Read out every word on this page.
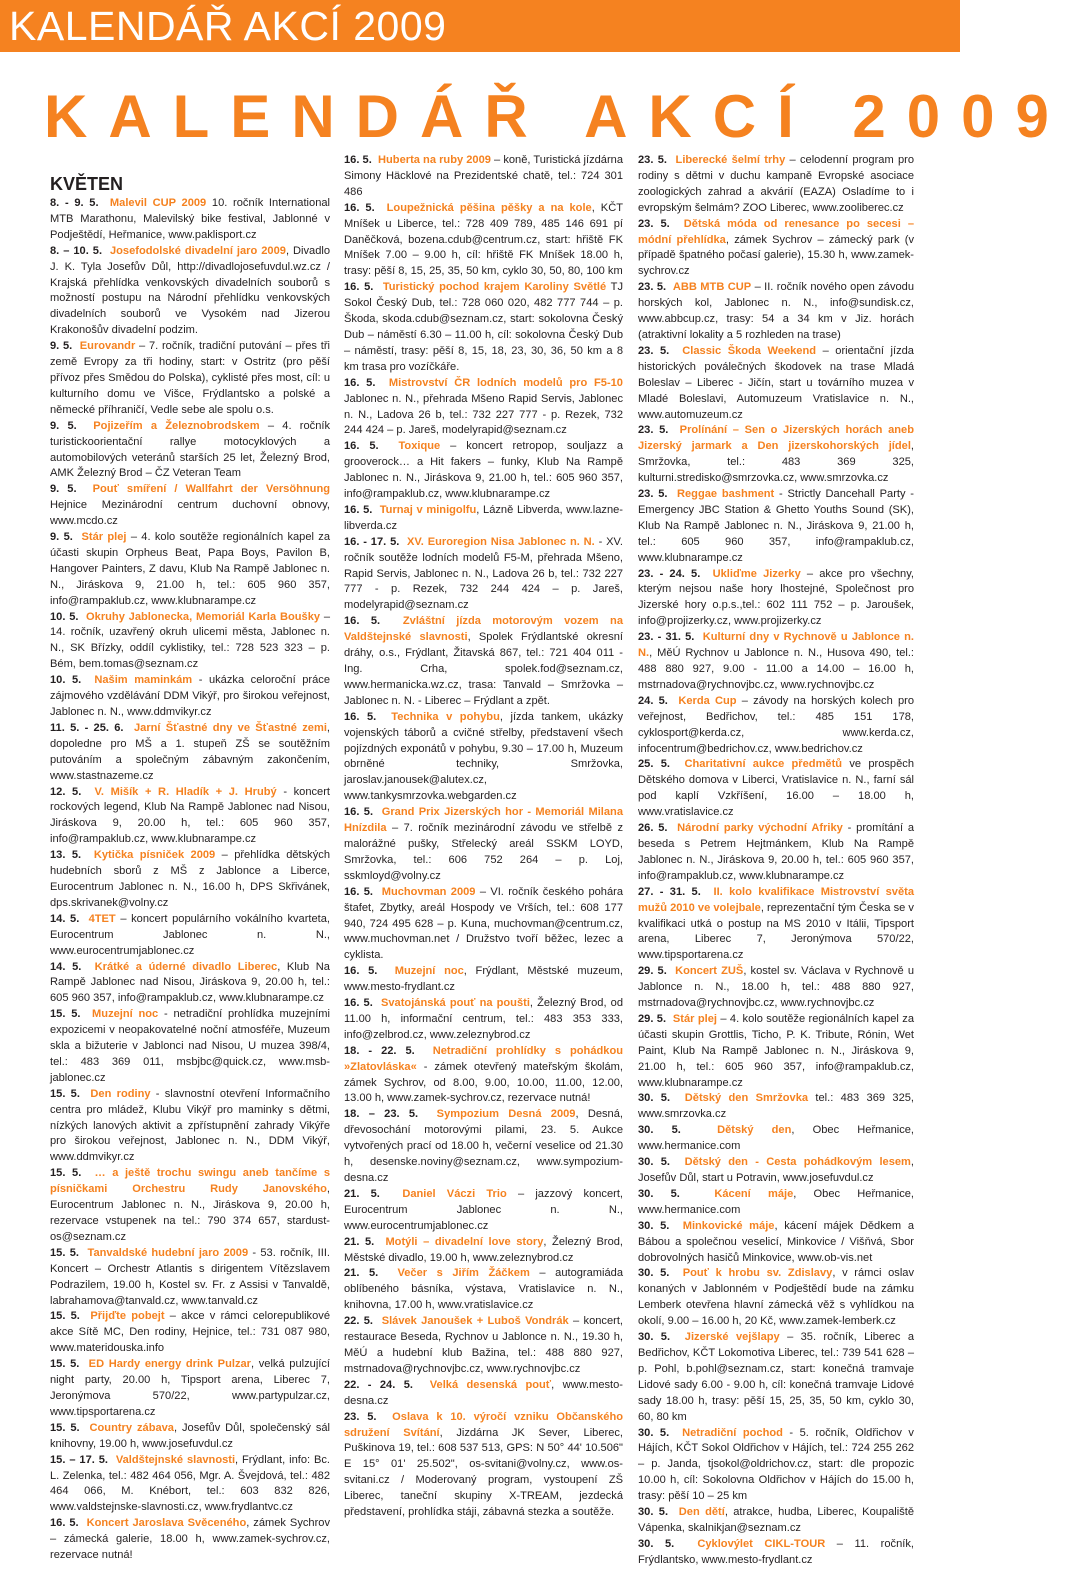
KALENDÁŘ AKCÍ 2009
KALENDÁŘ AKCÍ 2009
KVĚTEN
8. - 9. 5. Malevil CUP 2009 10. ročník International MTB Marathonu, Malevilský bike festival, Jablonné v Podještědí, Heřmanice, www.paklisport.cz
8. – 10. 5. Josefodolské divadelní jaro 2009, Divadlo J. K. Tyla Josefův Důl, http://divadlojosefuvdul.wz.cz / Krajská přehlídka venkovských divadelních souborů s možností postupu na Národní přehlídku venkovských divadelních souborů ve Vysokém nad Jizerou Krakonošův divadelní podzim.
9. 5. Eurovandr – 7. ročník, tradiční putování – přes tři země Evropy za tři hodiny, start: v Ostritz (pro pěší přívoz přes Smědou do Polska), cyklisté přes most, cíl: u kulturního domu ve Višce, Frýdlantsko a polské a německé příhraničí, Vedle sebe ale spolu o.s.
9. 5. Pojizeřím a Železnobrodskem – 4. ročník turistickoorientační rallye motocyklových a automobilových veteránů starších 25 let, Železný Brod, AMK Železný Brod – ČZ Veteran Team
9. 5. Pouť smíření / Wallfahrt der Versöhnung Hejnice Mezinárodní centrum duchovní obnovy, www.mcdo.cz
9. 5. Stár plej – 4. kolo soutěže regionálních kapel za účasti skupin Orpheus Beat, Papa Boys, Pavilon B, Hangover Painters, Z davu, Klub Na Rampě Jablonec n. N., Jiráskova 9, 21.00 h, tel.: 605 960 357, info@rampaklub.cz, www.klubnarampe.cz
10. 5. Okruhy Jablonecka, Memoriál Karla Boušky – 14. ročník, uzavřený okruh ulicemi města, Jablonec n. N., SK Břízky, oddíl cyklistiky, tel.: 728 523 323 – p. Bém, bem.tomas@seznam.cz
10. 5. Našim maminkám - ukázka celoroční práce zájmového vzdělávání DDM Vikýř, pro širokou veřejnost, Jablonec n. N., www.ddmvikyr.cz
11. 5. - 25. 6. Jarní Šťastné dny ve Šťastné zemi, dopoledne pro MŠ a 1. stupeň ZŠ se soutěžním putováním a společným zábavným zakončením, www.stastnazeme.cz
12. 5. V. Mišík + R. Hladík + J. Hrubý - koncert rockových legend, Klub Na Rampě Jablonec nad Nisou, Jiráskova 9, 20.00 h, tel.: 605 960 357, info@rampaklub.cz, www.klubnarampe.cz
13. 5. Kytička písniček 2009 – přehlídka dětských hudebních sborů z MŠ z Jablonce a Liberce, Eurocentrum Jablonec n. N., 16.00 h, DPS Skřivánek, dps.skrivanek@volny.cz
14. 5. 4TET – koncert populárního vokálního kvarteta, Eurocentrum Jablonec n. N., www.eurocentrumjablonec.cz
14. 5. Krátké a úderné divadlo Liberec, Klub Na Rampě Jablonec nad Nisou, Jiráskova 9, 20.00 h, tel.: 605 960 357, info@rampaklub.cz, www.klubnarampe.cz
15. 5. Muzejní noc - netradiční prohlídka muzejními expozicemi v neopakovatelné noční atmosféře, Muzeum skla a bižuterie v Jablonci nad Nisou, U muzea 398/4, tel.: 483 369 011, msbjbc@quick.cz, www.msb-jablonec.cz
15. 5. Den rodiny - slavnostní otevření Informačního centra pro mládež, Klubu Vikýř pro maminky s dětmi, nízkých lanových aktivit a zpřístupnění zahrady Vikýře pro širokou veřejnost, Jablonec n. N., DDM Vikýř, www.ddmvikyr.cz
15. 5. … a ještě trochu swingu aneb tančíme s písničkami Orchestru Rudy Janovského, Eurocentrum Jablonec n. N., Jiráskova 9, 20.00 h, rezervace vstupenek na tel.: 790 374 657, stardust-os@seznam.cz
15. 5. Tanvaldské hudební jaro 2009 - 53. ročník, III. Koncert – Orchestr Atlantis s dirigentem Vítězslavem Podrazilem, 19.00 h, Kostel sv. Fr. z Assisi v Tanvaldě, labrahamova@tanvald.cz, www.tanvald.cz
15. 5. Přijďte pobejt – akce v rámci celorepublikové akce Sítě MC, Den rodiny, Hejnice, tel.: 731 087 980, www.materidouska.info
15. 5. ED Hardy energy drink Pulzar, velká pulzující night party, 20.00 h, Tipsport arena, Liberec 7, Jeronýmova 570/22, www.partypulzar.cz, www.tipsportarena.cz
15. 5. Country zábava, Josefův Důl, společenský sál knihovny, 19.00 h, www.josefuvdul.cz
15. – 17. 5. Valdštejnské slavnosti, Frýdlant, info: Bc. L. Zelenka, tel.: 482 464 056, Mgr. A. Švejdová, tel.: 482 464 066, M. Knébort, tel.: 603 832 826, www.valdstejnske-slavnosti.cz, www.frydlantvc.cz
16. 5. Koncert Jaroslava Svěceného, zámek Sychrov – zámecká galerie, 18.00 h, www.zamek-sychrov.cz, rezervace nutná!
16. 5. Huberta na ruby 2009 – koně, Turistická jízdárna Simony Häcklové na Prezidentské chatě, tel.: 724 301 486
16. 5. Loupežnická pěšina pěšky a na kole, KČT Mníšek u Liberce, tel.: 728 409 789, 485 146 691 pí Daněčková, bozena.cdub@centrum.cz, start: hřiště FK Mníšek 7.00 – 9.00 h, cíl: hřiště FK Mníšek 18.00 h, trasy: pěší 8, 15, 25, 35, 50 km, cyklo 30, 50, 80, 100 km
16. 5. Turistický pochod krajem Karoliny Světlé TJ Sokol Český Dub, tel.: 728 060 020, 482 777 744 – p. Škoda, skoda.cdub@seznam.cz, start: sokolovna Český Dub – náměstí 6.30 – 11.00 h, cíl: sokolovna Český Dub – náměstí, trasy: pěší 8, 15, 18, 23, 30, 36, 50 km a 8 km trasa pro vozíčkáře.
16. 5. Mistrovství ČR lodních modelů pro F5-10 Jablonec n. N., přehrada Mšeno Rapid Servis, Jablonec n. N., Ladova 26 b, tel.: 732 227 777 - p. Rezek, 732 244 424 – p. Jareš, modelyrapid@seznam.cz
16. 5. Toxique – koncert retropop, souljazz a grooverock… a Hit fakers – funky, Klub Na Rampě Jablonec n. N., Jiráskova 9, 21.00 h, tel.: 605 960 357, info@rampaklub.cz, www.klubnarampe.cz
16. 5. Turnaj v minigolfu, Lázně Libverda, www.lazne-libverda.cz
16. - 17. 5. XV. Euroregion Nisa Jablonec n. N. - XV. ročník soutěže lodních modelů F5-M, přehrada Mšeno, Rapid Servis, Jablonec n. N., Ladova 26 b, tel.: 732 227 777 - p. Rezek, 732 244 424 – p. Jareš, modelyrapid@seznam.cz
16. 5. Zvláštní jízda motorovým vozem na Valdštejnské slavnosti, Spolek Frýdlantské okresní dráhy, o.s., Frýdlant, Žitavská 867, tel.: 721 404 011 - Ing. Crha, spolek.fod@seznam.cz, www.hermanicka.wz.cz, trasa: Tanvald – Smržovka – Jablonec n. N. - Liberec – Frýdlant a zpět.
16. 5. Technika v pohybu, jízda tankem, ukázky vojenských táborů a cvičné střelby, představení všech pojízdných exponátů v pohybu, 9.30 – 17.00 h, Muzeum obrněné techniky, Smržovka, jaroslav.janousek@alutex.cz, www.tankysmrzovka.webgarden.cz
16. 5. Grand Prix Jizerských hor - Memoriál Milana Hnízdila – 7. ročník mezinárodní závodu ve střelbě z malorážné pušky, Střelecký areál SSKM LOYD, Smržovka, tel.: 606 752 264 – p. Loj, sskmloyd@volny.cz
16. 5. Muchovman 2009 – VI. ročník českého pohára štafet, Zbytky, areál Hospody ve Vrších, tel.: 608 177 940, 724 495 628 – p. Kuna, muchovman@centrum.cz, www.muchovman.net / Družstvo tvoří běžec, lezec a cyklista.
16. 5. Muzejní noc, Frýdlant, Městské muzeum, www.mesto-frydlant.cz
16. 5. Svatojánská pouť na poušti, Železný Brod, od 11.00 h, informační centrum, tel.: 483 353 333, info@zelbrod.cz, www.zeleznybrod.cz
18. - 22. 5. Netradiční prohlídky s pohádkou »Zlatovláska« - zámek otevřený mateřským školám, zámek Sychrov, od 8.00, 9.00, 10.00, 11.00, 12.00, 13.00 h, www.zamek-sychrov.cz, rezervace nutná!
18. – 23. 5. Sympozium Desná 2009, Desná, dřevosochání motorovými pilami, 23. 5. Aukce vytvořených prací od 18.00 h, večerní veselice od 21.30 h, desenske.noviny@seznam.cz, www.sympozium-desna.cz
21. 5. Daniel Váczi Trio – jazzový koncert, Eurocentrum Jablonec n. N., www.eurocentrumjablonec.cz
21. 5. Motýli – divadelní love story, Železný Brod, Městské divadlo, 19.00 h, www.zeleznybrod.cz
21. 5. Večer s Jiřím Žáčkem – autogramiáda oblíbeného básníka, výstava, Vratislavice n. N., knihovna, 17.00 h, www.vratislavice.cz
22. 5. Slávek Janoušek + Luboš Vondrák – koncert, restaurace Beseda, Rychnov u Jablonce n. N., 19.30 h, MěÚ a hudební klub Bažina, tel.: 488 880 927, mstrnadova@rychnovjbc.cz, www.rychnovjbc.cz
22. - 24. 5. Velká desenská pouť, www.mesto-desna.cz
23. 5. Oslava k 10. výročí vzniku Občanského sdružení Svítání, Jizdárna JK Sever, Liberec, Puškinova 19, tel.: 608 537 513, GPS: N 50° 44' 10.506" E 15° 01' 25.502", os-svitani@volny.cz, www.os-svitani.cz / Moderovaný program, vystoupení ZŠ Liberec, taneční skupiny X-TREAM, jezdecká představení, prohlídka stáji, zábavná stezka a soutěže.
23. 5. Liberecké šelmí trhy – celodenní program pro rodiny s dětmi v duchu kampaně Evropské asociace zoologických zahrad a akvárií (EAZA) Osladíme to i evropským šelmám? ZOO Liberec, www.zooliberec.cz
23. 5. Dětská móda od renesance po secesi – módní přehlídka, zámek Sychrov – zámecký park (v případě špatného počasí galerie), 15.30 h, www.zamek-sychrov.cz
23. 5. ABB MTB CUP – II. ročník nového open závodu horských kol, Jablonec n. N., info@sundisk.cz, www.abbcup.cz, trasy: 54 a 34 km v Jiz. horách (atraktivní lokality a 5 rozhleden na trase)
23. 5. Classic Škoda Weekend – orientační jízda historických poválečných škodovek na trase Mladá Boleslav – Liberec - Jičín, start u továrního muzea v Mladé Boleslavi, Automuzeum Vratislavice n. N., www.automuzeum.cz
23. 5. Prolínání – Sen o Jizerských horách aneb Jizerský jarmark a Den jizerskohorských jídel, Smržovka, tel.: 483 369 325, kulturni.stredisko@smrzovka.cz, www.smrzovka.cz
23. 5. Reggae bashment - Strictly Dancehall Party - Emergency JBC Station & Ghetto Youths Sound (SK), Klub Na Rampě Jablonec n. N., Jiráskova 9, 21.00 h, tel.: 605 960 357, info@rampaklub.cz, www.klubnarampe.cz
23. - 24. 5. Ukliďme Jizerky – akce pro všechny, kterým nejsou naše hory lhostejné, Společnost pro Jizerské hory o.p.s.,tel.: 602 111 752 – p. Jaroušek, info@projizerky.cz, www.projizerky.cz
23. - 31. 5. Kulturní dny v Rychnově u Jablonce n. N., MěÚ Rychnov u Jablonce n. N., Husova 490, tel.: 488 880 927, 9.00 - 11.00 a 14.00 – 16.00 h, mstrnadova@rychnovjbc.cz, www.rychnovjbc.cz
24. 5. Kerda Cup – závody na horských kolech pro veřejnost, Bedřichov, tel.: 485 151 178, cyklosport@kerda.cz, www.kerda.cz, infocentrum@bedrichov.cz, www.bedrichov.cz
25. 5. Charitativní aukce předmětů ve prospěch Dětského domova v Liberci, Vratislavice n. N., farní sál pod kaplí Vzkříšení, 16.00 – 18.00 h, www.vratislavice.cz
26. 5. Národní parky východní Afriky - promítání a beseda s Petrem Hejtmánkem, Klub Na Rampě Jablonec n. N., Jiráskova 9, 20.00 h, tel.: 605 960 357, info@rampaklub.cz, www.klubnarampe.cz
27. - 31. 5. II. kolo kvalifikace Mistrovství světa mužů 2010 ve volejbale, reprezentační tým Česka se v kvalifikaci utká o postup na MS 2010 v Itálii, Tipsport arena, Liberec 7, Jeronýmova 570/22, www.tipsportarena.cz
29. 5. Koncert ZUŠ, kostel sv. Václava v Rychnově u Jablonce n. N., 18.00 h, tel.: 488 880 927, mstrnadova@rychnovjbc.cz, www.rychnovjbc.cz
29. 5. Stár plej – 4. kolo soutěže regionálních kapel za účasti skupin Grottlis, Ticho, P. K. Tribute, Rónin, Wet Paint, Klub Na Rampě Jablonec n. N., Jiráskova 9, 21.00 h, tel.: 605 960 357, info@rampaklub.cz, www.klubnarampe.cz
30. 5. Dětský den Smržovka tel.: 483 369 325, www.smrzovka.cz
30. 5.	Dětský den, Obec Heřmanice, www.hermanice.com
30. 5. Dětský den - Cesta pohádkovým lesem, Josefův Důl, start u Potravin, www.josefuvdul.cz
30. 5.	Kácení máje, Obec Heřmanice, www.hermanice.com
30. 5. Minkovické máje, kácení májek Dědkem a Bábou a společnou veselicí, Minkovice / Višňvá, Sbor dobrovolných hasičů Minkovice, www.ob-vis.net
30. 5. Pouť k hrobu sv. Zdislavy, v rámci oslav konaných v Jablonném v Podještědí bude na zámku Lemberk otevřena hlavní zámecká věž s vyhlídkou na okolí, 9.00 – 16.00 h, 20 Kč, www.zamek-lemberk.cz
30. 5. Jizerské vejšlapy – 35. ročník, Liberec a Bedřichov, KČT Lokomotiva Liberec, tel.: 739 541 628 – p. Pohl, b.pohl@seznam.cz, start: konečná tramvaje Lidové sady 6.00 - 9.00 h, cíl: konečná tramvaje Lidové sady 18.00 h, trasy: pěší 15, 25, 35, 50 km, cyklo 30, 60, 80 km
30. 5. Netradiční pochod - 5. ročník, Oldřichov v Hájích, KČT Sokol Oldřichov v Hájích, tel.: 724 255 262 – p. Janda, tjsokol@oldrichov.cz, start: dle propozic 10.00 h, cíl: Sokolovna Oldřichov v Hájích do 15.00 h, trasy: pěší 10 – 25 km
30. 5. Den dětí, atrakce, hudba, Liberec, Koupaliště Vápenka, skalnikjan@seznam.cz
30. 5. Cyklovýlet CIKL-TOUR – 11. ročník, Frýdlantsko, www.mesto-frydlant.cz
